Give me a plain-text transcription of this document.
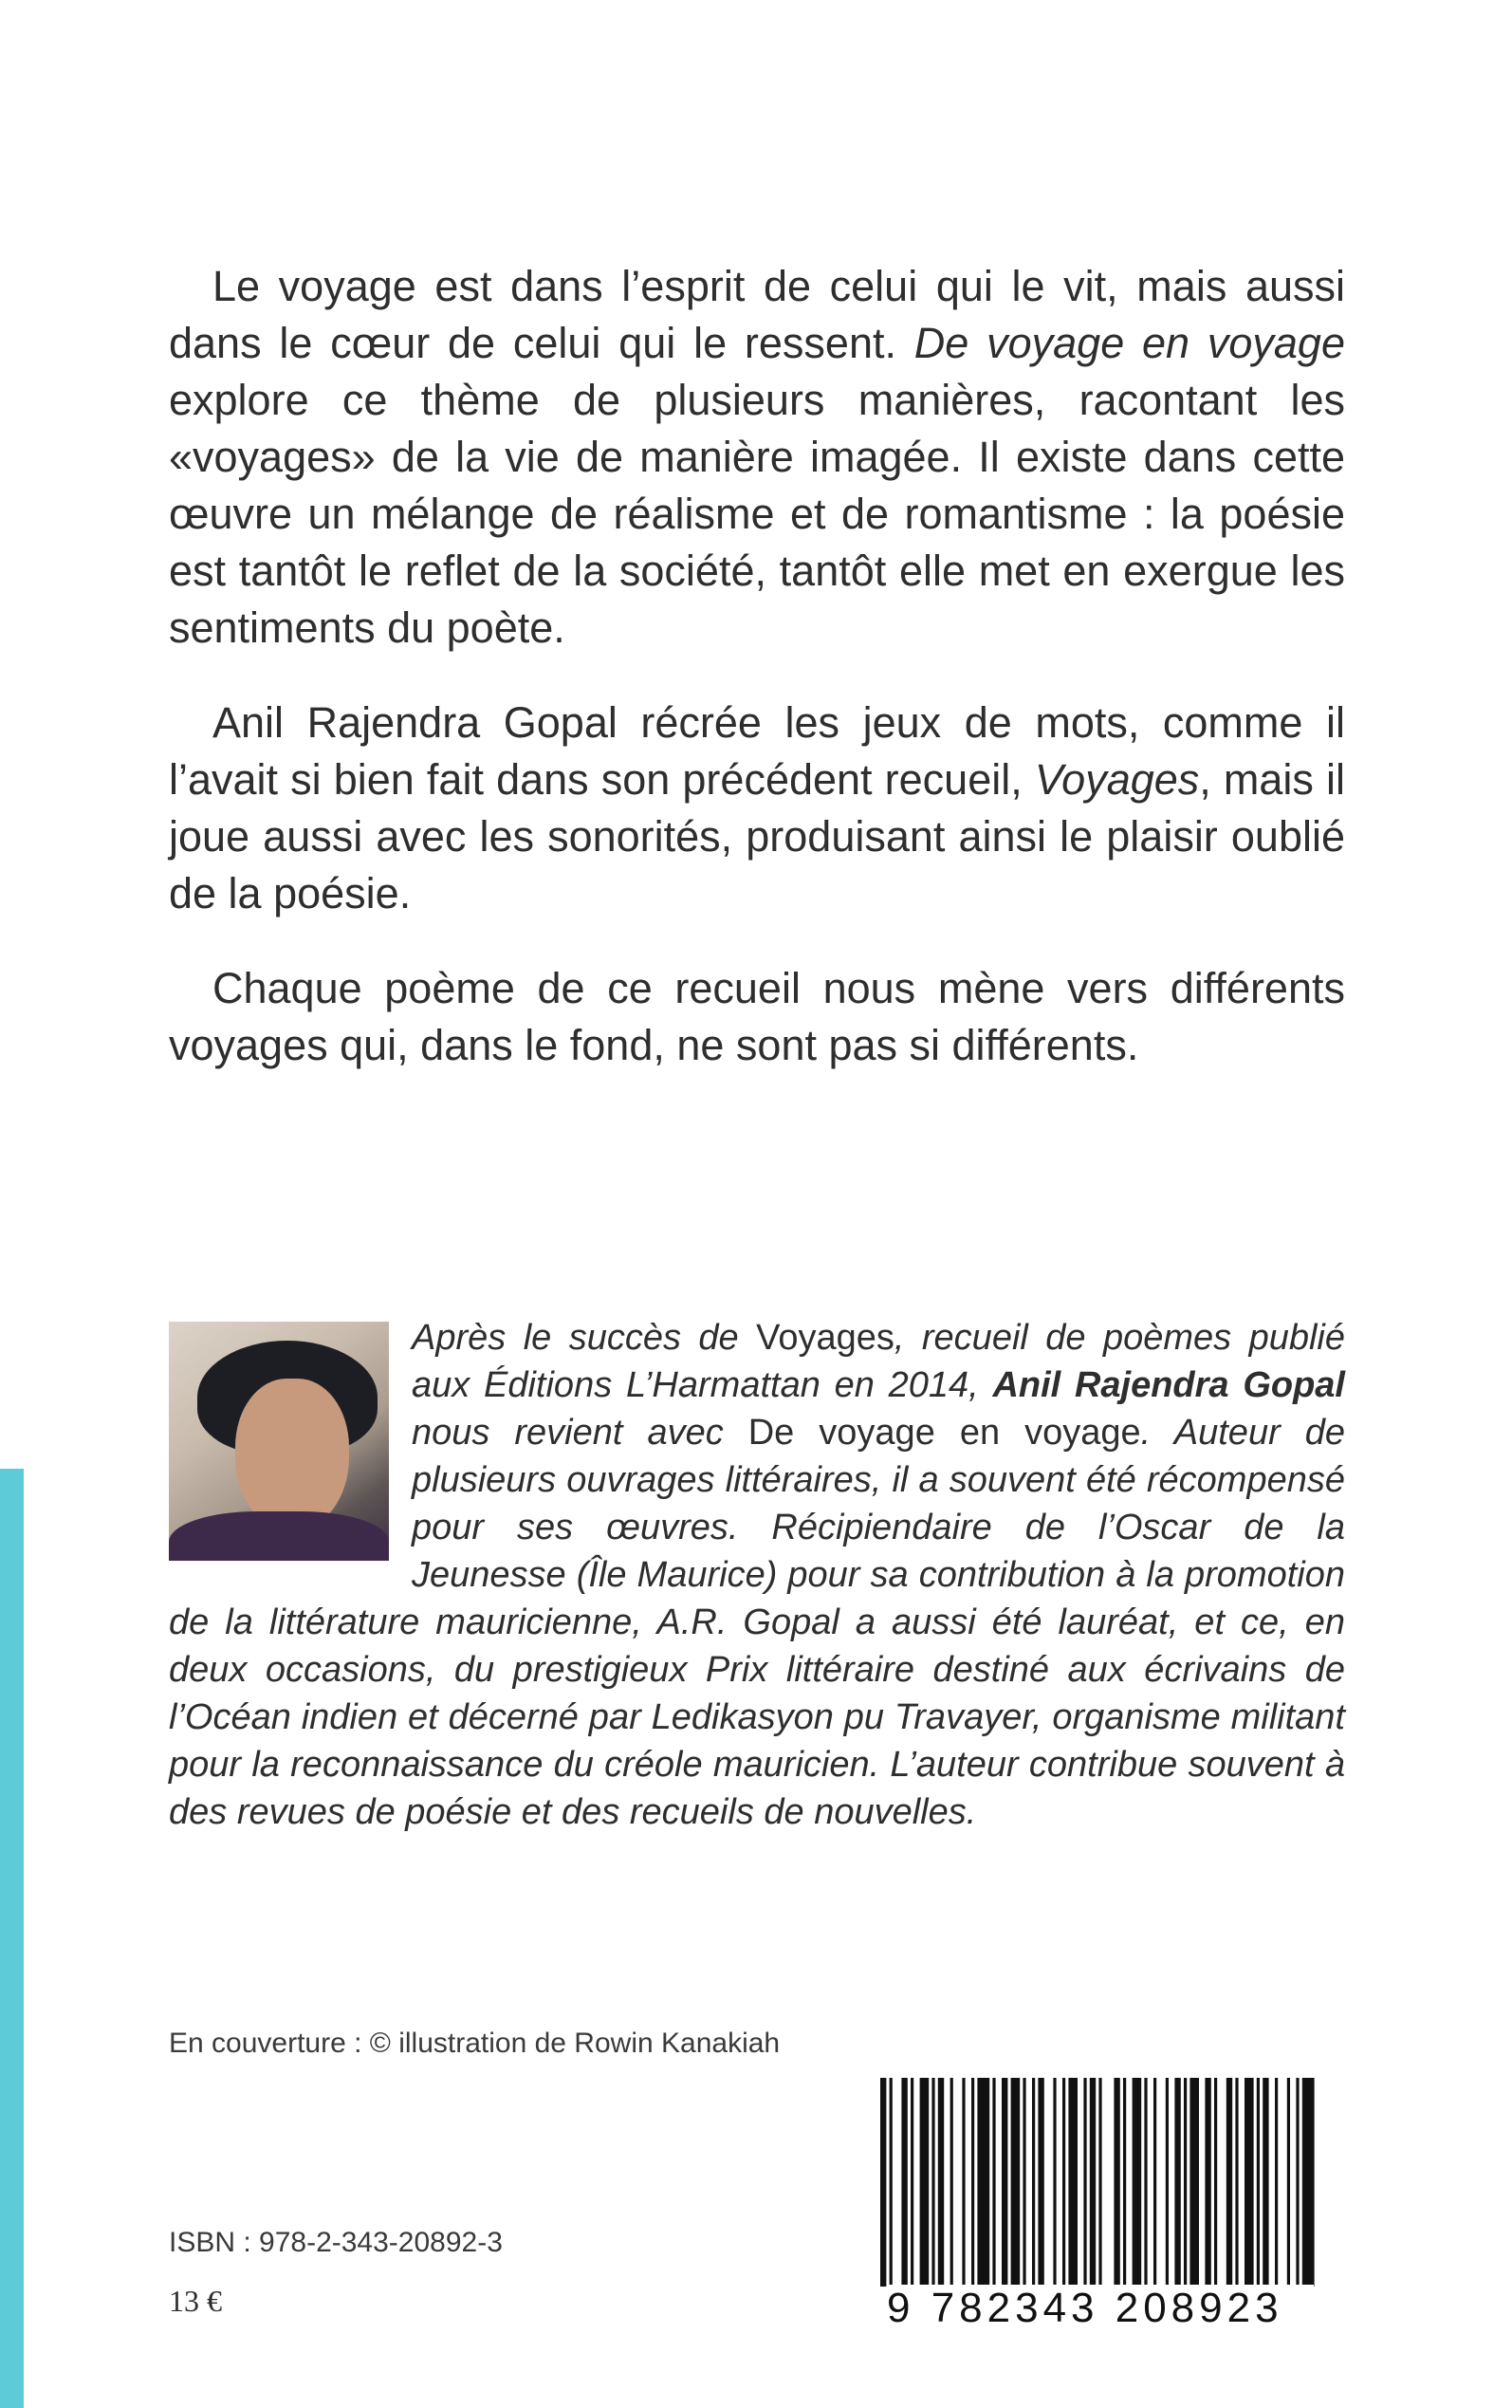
Le voyage est dans l’esprit de celui qui le vit, mais aussi dans le cœur de celui qui le ressent. De voyage en voyage explore ce thème de plusieurs manières, racontant les «voyages» de la vie de manière imagée. Il existe dans cette œuvre un mélange de réalisme et de romantisme : la poésie est tantôt le reflet de la société, tantôt elle met en exergue les sentiments du poète.

Anil Rajendra Gopal récrée les jeux de mots, comme il l’avait si bien fait dans son précédent recueil, Voyages, mais il joue aussi avec les sonorités, produisant ainsi le plaisir oublié de la poésie.

Chaque poème de ce recueil nous mène vers différents voyages qui, dans le fond, ne sont pas si différents.

Après le succès de Voyages, recueil de poèmes publié aux Éditions L’Harmattan en 2014, Anil Rajendra Gopal nous revient avec De voyage en voyage. Auteur de plusieurs ouvrages littéraires, il a souvent été récompensé pour ses œuvres. Récipiendaire de l’Oscar de la Jeunesse (Île Maurice) pour sa contribution à la promotion de la littérature mauricienne, A.R. Gopal a aussi été lauréat, et ce, en deux occasions, du prestigieux Prix littéraire destiné aux écrivains de l’Océan indien et décerné par Ledikasyon pu Travayer, organisme militant pour la reconnaissance du créole mauricien. L’auteur contribue souvent à des revues de poésie et des recueils de nouvelles.
En couverture : © illustration de Rowin Kanakiah
ISBN : 978-2-343-20892-3
13 €	9 782343 208923
